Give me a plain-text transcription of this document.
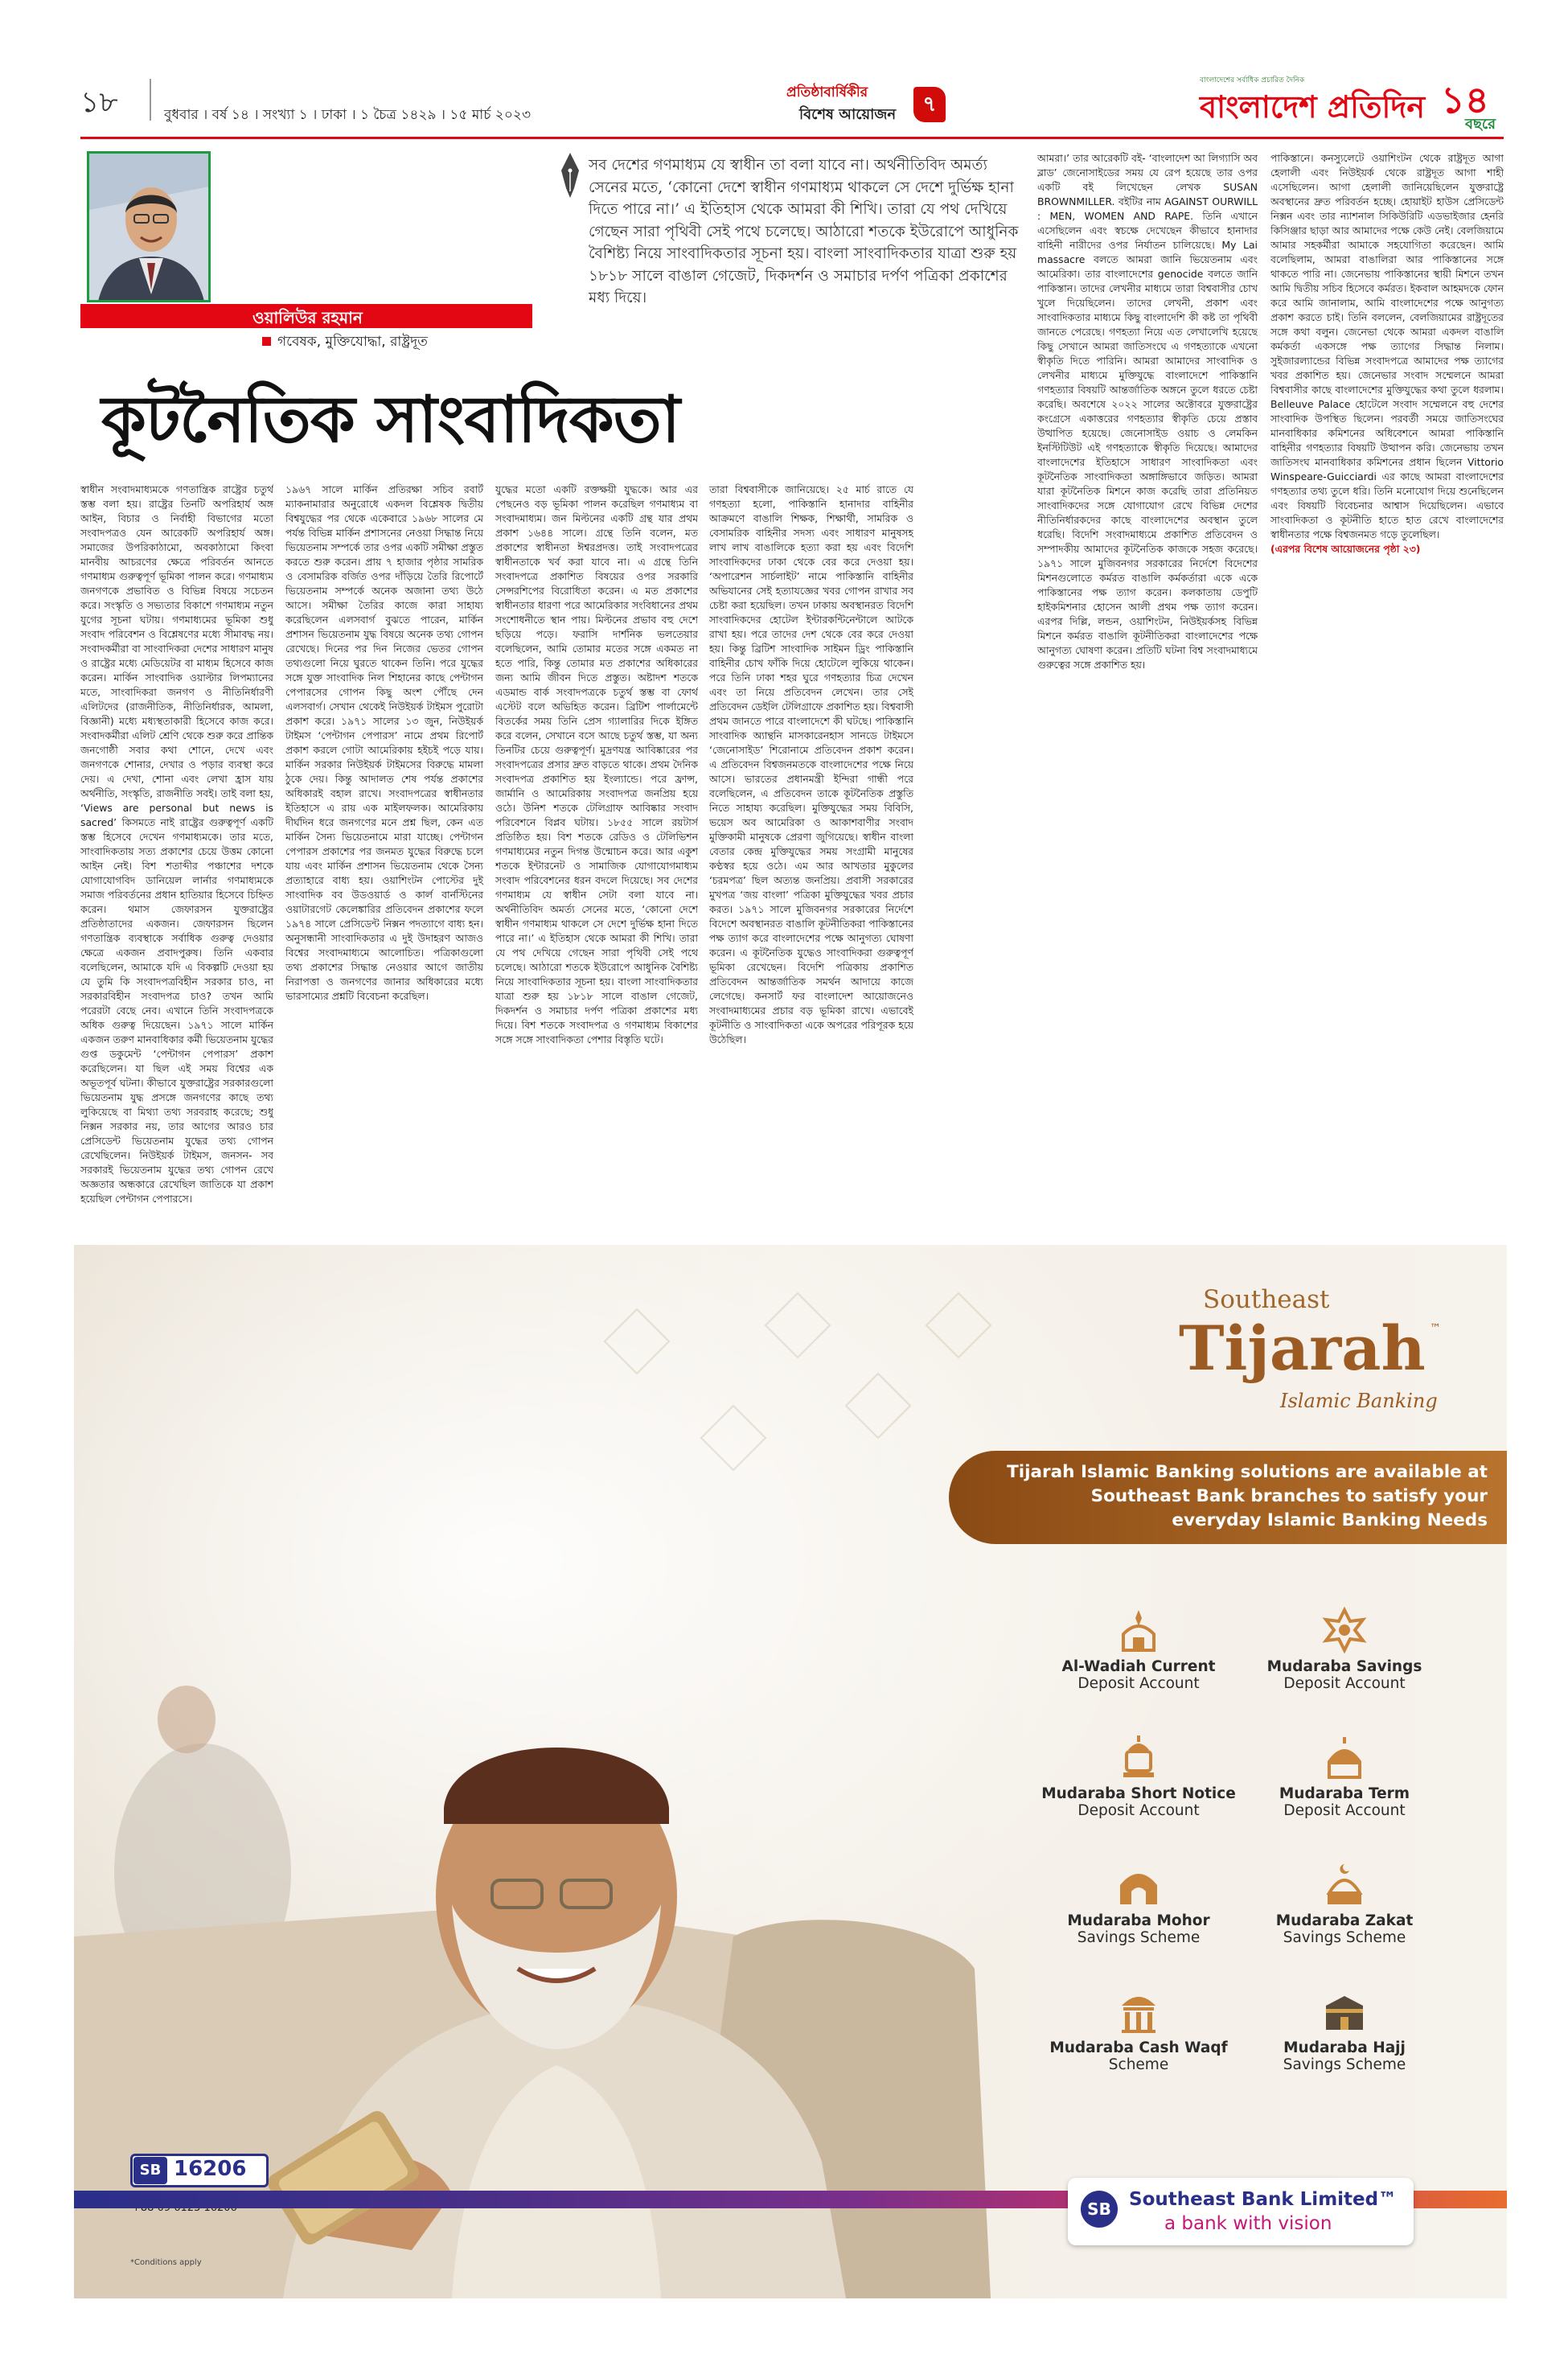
১৮	বুধবার । বর্ষ ১৪ । সংখ্যা ১ । ঢাকা । ১ চৈত্র ১৪২৯ । ১৫ মার্চ ২০২৩
প্রতিষ্ঠাবার্ষিকীর
বিশেষ আয়োজন	৭
বাংলাদেশের সর্বাধিক প্রচারিত দৈনিক
বাংলাদেশ প্রতিদিন ১৪
বছরে
ওয়ালিউর রহমান
গবেষক, মুক্তিযোদ্ধা, রাষ্ট্রদূত
সব দেশের গণমাধ্যম যে স্বাধীন তা বলা যাবে না। অর্থনীতিবিদ অমর্ত্য সেনের মতে, ‘কোনো দেশে স্বাধীন গণমাধ্যম থাকলে সে দেশে দুর্ভিক্ষ হানা দিতে পারে না।’ এ ইতিহাস থেকে আমরা কী শিখি। তারা যে পথ দেখিয়ে গেছেন সারা পৃথিবী সেই পথে চলেছে। আঠারো শতকে ইউরোপে আধুনিক বৈশিষ্ট্য নিয়ে সাংবাদিকতার সূচনা হয়। বাংলা সাংবাদিকতার যাত্রা শুরু হয় ১৮১৮ সালে বাঙাল গেজেট, দিকদর্শন ও সমাচার দর্পণ পত্রিকা প্রকাশের মধ্য দিয়ে।
কূটনৈতিক সাংবাদিকতা

স্বাধীন সংবাদমাধ্যমকে গণতান্ত্রিক রাষ্ট্রের চতুর্থ স্তম্ভ বলা হয়। রাষ্ট্রের তিনটি অপরিহার্য অঙ্গ আইন, বিচার ও নির্বাহী বিভাগের মতো সংবাদপত্রও যেন আরেকটি অপরিহার্য অঙ্গ। সমাজের উপরিকাঠামো, অবকাঠামো কিংবা মানবীয় আচরণের ক্ষেত্রে পরিবর্তন আনতে গণমাধ্যম গুরুত্বপূর্ণ ভূমিকা পালন করে। গণমাধ্যম জনগণকে প্রভাবিত ও বিভিন্ন বিষয়ে সচেতন করে। সংস্কৃতি ও সভ্যতার বিকাশে গণমাধ্যম নতুন যুগের সূচনা ঘটায়। গণমাধ্যমের ভূমিকা শুধু সংবাদ পরিবেশন ও বিশ্লেষণের মধ্যে সীমাবদ্ধ নয়। সংবাদকর্মীরা বা সাংবাদিকরা দেশের সাধারণ মানুষ ও রাষ্ট্রের মধ্যে মেডিয়েটর বা মাধ্যম হিসেবে কাজ করেন। মার্কিন সাংবাদিক ওয়াল্টার লিপম্যানের মতে, সাংবাদিকরা জনগণ ও নীতিনির্ধারণী এলিটদের (রাজনীতিক, নীতিনির্ধারক, আমলা, বিজ্ঞানী) মধ্যে মধ্যস্থতাকারী হিসেবে কাজ করে। সংবাদকর্মীরা এলিট শ্রেণি থেকে শুরু করে প্রান্তিক জনগোষ্ঠী সবার কথা শোনে, দেখে এবং জনগণকে শোনার, দেখার ও পড়ার ব্যবস্থা করে দেয়। এ দেখা, শোনা এবং লেখা হ্রাস যায় অর্থনীতি, সংস্কৃতি, রাজনীতি সবই। তাই বলা হয়, ‘Views are personal but news is sacred’ কিসমতে নাই রাষ্ট্রের গুরুত্বপূর্ণ একটি স্তম্ভ হিসেবে দেখেন গণমাধ্যমকে। তার মতে, সাংবাদিকতায় সত্য প্রকাশের চেয়ে উত্তম কোনো আইন নেই। বিশ শতাব্দীর পঞ্চাশের দশকে যোগাযোগবিদ ডানিয়েল লার্নার গণমাধ্যমকে সমাজ পরিবর্তনের প্রধান হাতিয়ার হিসেবে চিহ্নিত করেন। থমাস জেফারসন যুক্তরাষ্ট্রের প্রতিষ্ঠাতাদের একজন। জেফারসন ছিলেন গণতান্ত্রিক ব্যবস্থাকে সর্বাধিক গুরুত্ব দেওয়ার ক্ষেত্রে একজন প্রবাদপুরুষ। তিনি একবার বলেছিলেন, আমাকে যদি এ বিকল্পটি দেওয়া হয় যে তুমি কি সংবাদপত্রবিহীন সরকার চাও, না সরকারবিহীন সংবাদপত্র চাও? তখন আমি পরেরটা বেছে নেব। এখানে তিনি সংবাদপত্রকে অধিক গুরুত্ব দিয়েছেন। ১৯৭১ সালে মার্কিন একজন তরুণ মানবাধিকার কর্মী ভিয়েতনাম যুদ্ধের গুপ্ত ডকুমেন্ট ‘পেন্টাগন পেপারস’ প্রকাশ করেছিলেন। যা ছিল এই সময় বিশ্বের এক অভূতপূর্ব ঘটনা। কীভাবে যুক্তরাষ্ট্রের সরকারগুলো ভিয়েতনাম যুদ্ধ প্রসঙ্গে জনগণের কাছে তথ্য লুকিয়েছে বা মিথ্যা তথ্য সরবরাহ করেছে; শুধু নিক্সন সরকার নয়, তার আগের আরও চার প্রেসিডেন্ট ভিয়েতনাম যুদ্ধের তথ্য গোপন রেখেছিলেন। নিউইয়র্ক টাইমস, জনসন- সব সরকারই ভিয়েতনাম যুদ্ধের তথ্য গোপন রেখে অজ্ঞতার অন্ধকারে রেখেছিল জাতিকে যা প্রকাশ হয়েছিল পেন্টাগন পেপারসে।

১৯৬৭ সালে মার্কিন প্রতিরক্ষা সচিব রবার্ট ম্যাকনামারার অনুরোধে একদল বিশ্লেষক দ্বিতীয় বিশ্বযুদ্ধের পর থেকে একেবারে ১৯৬৮ সালের মে পর্যন্ত বিভিন্ন মার্কিন প্রশাসনের নেওয়া সিদ্ধান্ত নিয়ে ভিয়েতনাম সম্পর্কে তার ওপর একটি সমীক্ষা প্রস্তুত করতে শুরু করেন। প্রায় ৭ হাজার পৃষ্ঠার সামরিক ও বেসামরিক বর্জিত ওপর দাঁড়িয়ে তৈরি রিপোর্টে ভিয়েতনাম সম্পর্কে অনেক অজানা তথ্য উঠে আসে। সমীক্ষা তৈরির কাজে কারা সাহায্য করেছিলেন এলসবার্গ বুঝতে পারেন, মার্কিন প্রশাসন ভিয়েতনাম যুদ্ধ বিষয়ে অনেক তথ্য গোপন রেখেছে। দিনের পর দিন নিজের ভেতর গোপন তথ্যগুলো নিয়ে ঘুরতে থাকেন তিনি। পরে যুদ্ধের সঙ্গে যুক্ত সাংবাদিক নিল শিহানের কাছে পেন্টাগন পেপারসের গোপন কিছু অংশ পৌঁছে দেন এলসবার্গ। সেখান থেকেই নিউইয়র্ক টাইমস পুরোটা প্রকাশ করে। ১৯৭১ সালের ১৩ জুন, নিউইয়র্ক টাইমস ‘পেন্টাগন পেপারস’ নামে প্রথম রিপোর্ট প্রকাশ করলে গোটা আমেরিকায় হইচই পড়ে যায়। মার্কিন সরকার নিউইয়র্ক টাইমসের বিরুদ্ধে মামলা ঠুকে দেয়। কিন্তু আদালত শেষ পর্যন্ত প্রকাশের অধিকারই বহাল রাখে। সংবাদপত্রের স্বাধীনতার ইতিহাসে এ রায় এক মাইলফলক। আমেরিকায় দীর্ঘদিন ধরে জনগণের মনে প্রশ্ন ছিল, কেন এত মার্কিন সৈন্য ভিয়েতনামে মারা যাচ্ছে। পেন্টাগন পেপারস প্রকাশের পর জনমত যুদ্ধের বিরুদ্ধে চলে যায় এবং মার্কিন প্রশাসন ভিয়েতনাম থেকে সৈন্য প্রত্যাহারে বাধ্য হয়। ওয়াশিংটন পোস্টের দুই সাংবাদিক বব উডওয়ার্ড ও কার্ল বার্নস্টিনের ওয়াটারগেট কেলেঙ্কারির প্রতিবেদন প্রকাশের ফলে ১৯৭৪ সালে প্রেসিডেন্ট নিক্সন পদত্যাগে বাধ্য হন। অনুসন্ধানী সাংবাদিকতার এ দুই উদাহরণ আজও বিশ্বের সংবাদমাধ্যমে আলোচিত। পত্রিকাগুলো তথ্য প্রকাশের সিদ্ধান্ত নেওয়ার আগে জাতীয় নিরাপত্তা ও জনগণের জানার অধিকারের মধ্যে ভারসাম্যের প্রশ্নটি বিবেচনা করেছিল।

যুদ্ধের মতো একটি রক্তক্ষয়ী যুদ্ধকে। আর এর পেছনেও বড় ভূমিকা পালন করেছিল গণমাধ্যম বা সংবাদমাধ্যম। জন মিল্টনের একটি গ্রন্থ যার প্রথম প্রকাশ ১৬৪৪ সালে। গ্রন্থে তিনি বলেন, মত প্রকাশের স্বাধীনতা ঈশ্বরপ্রদত্ত। তাই সংবাদপত্রের স্বাধীনতাকে খর্ব করা যাবে না। এ গ্রন্থে তিনি সংবাদপত্রে প্রকাশিত বিষয়ের ওপর সরকারি সেন্সরশিপের বিরোধিতা করেন। এ মত প্রকাশের স্বাধীনতার ধারণা পরে আমেরিকার সংবিধানের প্রথম সংশোধনীতে স্থান পায়। মিল্টনের প্রভাব বহু দেশে ছড়িয়ে পড়ে। ফরাসি দার্শনিক ভলতেয়ার বলেছিলেন, আমি তোমার মতের সঙ্গে একমত না হতে পারি, কিন্তু তোমার মত প্রকাশের অধিকারের জন্য আমি জীবন দিতে প্রস্তুত। অষ্টাদশ শতকে এডমান্ড বার্ক সংবাদপত্রকে চতুর্থ স্তম্ভ বা ফোর্থ এস্টেট বলে অভিহিত করেন। ব্রিটিশ পার্লামেন্টে বিতর্কের সময় তিনি প্রেস গ্যালারির দিকে ইঙ্গিত করে বলেন, সেখানে বসে আছে চতুর্থ স্তম্ভ, যা অন্য তিনটির চেয়ে গুরুত্বপূর্ণ। মুদ্রণযন্ত্র আবিষ্কারের পর সংবাদপত্রের প্রসার দ্রুত বাড়তে থাকে। প্রথম দৈনিক সংবাদপত্র প্রকাশিত হয় ইংল্যান্ডে। পরে ফ্রান্স, জার্মানি ও আমেরিকায় সংবাদপত্র জনপ্রিয় হয়ে ওঠে। উনিশ শতকে টেলিগ্রাফ আবিষ্কার সংবাদ পরিবেশনে বিপ্লব ঘটায়। ১৮৫৫ সালে রয়টার্স প্রতিষ্ঠিত হয়। বিশ শতকে রেডিও ও টেলিভিশন গণমাধ্যমের নতুন দিগন্ত উন্মোচন করে। আর একুশ শতকে ইন্টারনেট ও সামাজিক যোগাযোগমাধ্যম সংবাদ পরিবেশনের ধরন বদলে দিয়েছে। সব দেশের গণমাধ্যম যে স্বাধীন সেটা বলা যাবে না। অর্থনীতিবিদ অমর্ত্য সেনের মতে, ‘কোনো দেশে স্বাধীন গণমাধ্যম থাকলে সে দেশে দুর্ভিক্ষ হানা দিতে পারে না।’ এ ইতিহাস থেকে আমরা কী শিখি। তারা যে পথ দেখিয়ে গেছেন সারা পৃথিবী সেই পথে চলেছে। আঠারো শতকে ইউরোপে আধুনিক বৈশিষ্ট্য নিয়ে সাংবাদিকতার সূচনা হয়। বাংলা সাংবাদিকতার যাত্রা শুরু হয় ১৮১৮ সালে বাঙাল গেজেট, দিকদর্শন ও সমাচার দর্পণ পত্রিকা প্রকাশের মধ্য দিয়ে। বিশ শতকে সংবাদপত্র ও গণমাধ্যম বিকাশের সঙ্গে সঙ্গে সাংবাদিকতা পেশার বিস্তৃতি ঘটে।

তারা বিশ্ববাসীকে জানিয়েছে। ২৫ মার্চ রাতে যে গণহত্যা হলো, পাকিস্তানি হানাদার বাহিনীর আক্রমণে বাঙালি শিক্ষক, শিক্ষার্থী, সামরিক ও বেসামরিক বাহিনীর সদস্য এবং সাধারণ মানুষসহ লাখ লাখ বাঙালিকে হত্যা করা হয় এবং বিদেশি সাংবাদিকদের ঢাকা থেকে বের করে দেওয়া হয়। ‘অপারেশন সার্চলাইট’ নামে পাকিস্তানি বাহিনীর অভিযানের সেই হত্যাযজ্ঞের খবর গোপন রাখার সব চেষ্টা করা হয়েছিল। তখন ঢাকায় অবস্থানরত বিদেশি সাংবাদিকদের হোটেল ইন্টারকন্টিনেন্টালে আটকে রাখা হয়। পরে তাদের দেশ থেকে বের করে দেওয়া হয়। কিন্তু ব্রিটিশ সাংবাদিক সাইমন ড্রিং পাকিস্তানি বাহিনীর চোখ ফাঁকি দিয়ে হোটেলে লুকিয়ে থাকেন। পরে তিনি ঢাকা শহর ঘুরে গণহত্যার চিত্র দেখেন এবং তা নিয়ে প্রতিবেদন লেখেন। তার সেই প্রতিবেদন ডেইলি টেলিগ্রাফে প্রকাশিত হয়। বিশ্ববাসী প্রথম জানতে পারে বাংলাদেশে কী ঘটছে। পাকিস্তানি সাংবাদিক অ্যান্থনি মাসকারেনহাস সানডে টাইমসে ‘জেনোসাইড’ শিরোনামে প্রতিবেদন প্রকাশ করেন। এ প্রতিবেদন বিশ্বজনমতকে বাংলাদেশের পক্ষে নিয়ে আসে। ভারতের প্রধানমন্ত্রী ইন্দিরা গান্ধী পরে বলেছিলেন, এ প্রতিবেদন তাকে কূটনৈতিক প্রস্তুতি নিতে সাহায্য করেছিল। মুক্তিযুদ্ধের সময় বিবিসি, ভয়েস অব আমেরিকা ও আকাশবাণীর সংবাদ মুক্তিকামী মানুষকে প্রেরণা জুগিয়েছে। স্বাধীন বাংলা বেতার কেন্দ্র মুক্তিযুদ্ধের সময় সংগ্রামী মানুষের কণ্ঠস্বর হয়ে ওঠে। এম আর আখতার মুকুলের ‘চরমপত্র’ ছিল অত্যন্ত জনপ্রিয়। প্রবাসী সরকারের মুখপত্র ‘জয় বাংলা’ পত্রিকা মুক্তিযুদ্ধের খবর প্রচার করত। ১৯৭১ সালে মুজিবনগর সরকারের নির্দেশে বিদেশে অবস্থানরত বাঙালি কূটনীতিকরা পাকিস্তানের পক্ষ ত্যাগ করে বাংলাদেশের পক্ষে আনুগত্য ঘোষণা করেন। এ কূটনৈতিক যুদ্ধেও সাংবাদিকরা গুরুত্বপূর্ণ ভূমিকা রেখেছেন। বিদেশি পত্রিকায় প্রকাশিত প্রতিবেদন আন্তর্জাতিক সমর্থন আদায়ে কাজে লেগেছে। কনসার্ট ফর বাংলাদেশ আয়োজনেও সংবাদমাধ্যমের প্রচার বড় ভূমিকা রাখে। এভাবেই কূটনীতি ও সাংবাদিকতা একে অপরের পরিপূরক হয়ে উঠেছিল।

আমরা।’ তার আরেকটি বই- ‘বাংলাদেশ আ লিগ্যাসি অব ব্লাড’ জেনোসাইডের সময় যে রেপ হয়েছে তার ওপর একটি বই লিখেছেন লেখক SUSAN BROWNMILLER. বইটির নাম AGAINST OURWILL : MEN, WOMEN AND RAPE. তিনি এখানে এসেছিলেন এবং স্বচক্ষে দেখেছেন কীভাবে হানাদার বাহিনী নারীদের ওপর নির্যাতন চালিয়েছে। My Lai massacre বলতে আমরা জানি ভিয়েতনাম এবং আমেরিকা। তার বাংলাদেশের genocide বলতে জানি পাকিস্তান। তাদের লেখনীর মাধ্যমে তারা বিশ্ববাসীর চোখ খুলে দিয়েছিলেন। তাদের লেখনী, প্রকাশ এবং সাংবাদিকতার মাধ্যমে কিছু বাংলাদেশি কী কষ্ট তা পৃথিবী জানতে পেরেছে। গণহত্যা নিয়ে এত লেখালেখি হয়েছে কিছু সেখানে আমরা জাতিসংঘে এ গণহত্যাকে এখনো স্বীকৃতি দিতে পারিনি। আমরা আমাদের সাংবাদিক ও লেখনীর মাধ্যমে মুক্তিযুদ্ধে বাংলাদেশে পাকিস্তানি গণহত্যার বিষয়টি আন্তর্জাতিক অঙ্গনে তুলে ধরতে চেষ্টা করেছি। অবশেষে ২০২২ সালের অক্টোবরে যুক্তরাষ্ট্রের কংগ্রেসে একাত্তরের গণহত্যার স্বীকৃতি চেয়ে প্রস্তাব উত্থাপিত হয়েছে। জেনোসাইড ওয়াচ ও লেমকিন ইনস্টিটিউট এই গণহত্যাকে স্বীকৃতি দিয়েছে। আমাদের বাংলাদেশের ইতিহাসে সাধারণ সাংবাদিকতা এবং কূটনৈতিক সাংবাদিকতা অঙ্গাঙ্গিভাবে জড়িত। আমরা যারা কূটনৈতিক মিশনে কাজ করেছি তারা প্রতিনিয়ত সাংবাদিকদের সঙ্গে যোগাযোগ রেখে বিভিন্ন দেশের নীতিনির্ধারকদের কাছে বাংলাদেশের অবস্থান তুলে ধরেছি। বিদেশি সংবাদমাধ্যমে প্রকাশিত প্রতিবেদন ও সম্পাদকীয় আমাদের কূটনৈতিক কাজকে সহজ করেছে। ১৯৭১ সালে মুজিবনগর সরকারের নির্দেশে বিদেশের মিশনগুলোতে কর্মরত বাঙালি কর্মকর্তারা একে একে পাকিস্তানের পক্ষ ত্যাগ করেন। কলকাতায় ডেপুটি হাইকমিশনার হোসেন আলী প্রথম পক্ষ ত্যাগ করেন। এরপর দিল্লি, লন্ডন, ওয়াশিংটন, নিউইয়র্কসহ বিভিন্ন মিশনে কর্মরত বাঙালি কূটনীতিকরা বাংলাদেশের পক্ষে আনুগত্য ঘোষণা করেন। প্রতিটি ঘটনা বিশ্ব সংবাদমাধ্যমে গুরুত্বের সঙ্গে প্রকাশিত হয়।

পাকিস্তানে। কনস্যুলেটে ওয়াশিংটন থেকে রাষ্ট্রদূত আগা হেলালী এবং নিউইয়র্ক থেকে রাষ্ট্রদূত আগা শাহী এসেছিলেন। আগা হেলালী জানিয়েছিলেন যুক্তরাষ্ট্রে অবস্থানের দ্রুত পরিবর্তন হচ্ছে। হোয়াইট হাউস প্রেসিডেন্ট নিক্সন এবং তার ন্যাশনাল সিকিউরিটি এডভাইজার হেনরি কিসিঞ্জার ছাড়া আর আমাদের পক্ষে কেউ নেই। বেলজিয়ামে আমার সহকর্মীরা আমাকে সহযোগিতা করেছেন। আমি বলেছিলাম, আমরা বাঙালিরা আর পাকিস্তানের সঙ্গে থাকতে পারি না। জেনেভায় পাকিস্তানের স্থায়ী মিশনে তখন আমি দ্বিতীয় সচিব হিসেবে কর্মরত। ইকবাল আহমদকে ফোন করে আমি জানালাম, আমি বাংলাদেশের পক্ষে আনুগত্য প্রকাশ করতে চাই। তিনি বললেন, বেলজিয়ামের রাষ্ট্রদূতের সঙ্গে কথা বলুন। জেনেভা থেকে আমরা একদল বাঙালি কর্মকর্তা একসঙ্গে পক্ষ ত্যাগের সিদ্ধান্ত নিলাম। সুইজারল্যান্ডের বিভিন্ন সংবাদপত্রে আমাদের পক্ষ ত্যাগের খবর প্রকাশিত হয়। জেনেভার সংবাদ সম্মেলনে আমরা বিশ্ববাসীর কাছে বাংলাদেশের মুক্তিযুদ্ধের কথা তুলে ধরলাম। Belleuve Palace হোটেলে সংবাদ সম্মেলনে বহু দেশের সাংবাদিক উপস্থিত ছিলেন। পরবর্তী সময়ে জাতিসংঘের মানবাধিকার কমিশনের অধিবেশনে আমরা পাকিস্তানি বাহিনীর গণহত্যার বিষয়টি উত্থাপন করি। জেনেভায় তখন জাতিসংঘ মানবাধিকার কমিশনের প্রধান ছিলেন Vittorio Winspeare-Guicciardi এর কাছে আমরা বাংলাদেশের গণহত্যার তথ্য তুলে ধরি। তিনি মনোযোগ দিয়ে শুনেছিলেন এবং বিষয়টি বিবেচনার আশ্বাস দিয়েছিলেন। এভাবে সাংবাদিকতা ও কূটনীতি হাতে হাত রেখে বাংলাদেশের স্বাধীনতার পক্ষে বিশ্বজনমত গড়ে তুলেছিল।

(এরপর বিশেষ আয়োজনের পৃষ্ঠা ২৩)

Southeast
Tijarah ™
Islamic Banking
Tijarah Islamic Banking solutions are available at
Southeast Bank branches to satisfy your
everyday Islamic Banking Needs
Al-Wadiah Current
Deposit Account
Mudaraba Savings
Deposit Account
Mudaraba Short Notice
Deposit Account
Mudaraba Term
Deposit Account
Mudaraba Mohor
Savings Scheme
Mudaraba Zakat
Savings Scheme
Mudaraba Cash Waqf
Scheme
Mudaraba Hajj
Savings Scheme
SB 16206
*Conditions apply
SB Southeast Bank Limited™
a bank with vision
